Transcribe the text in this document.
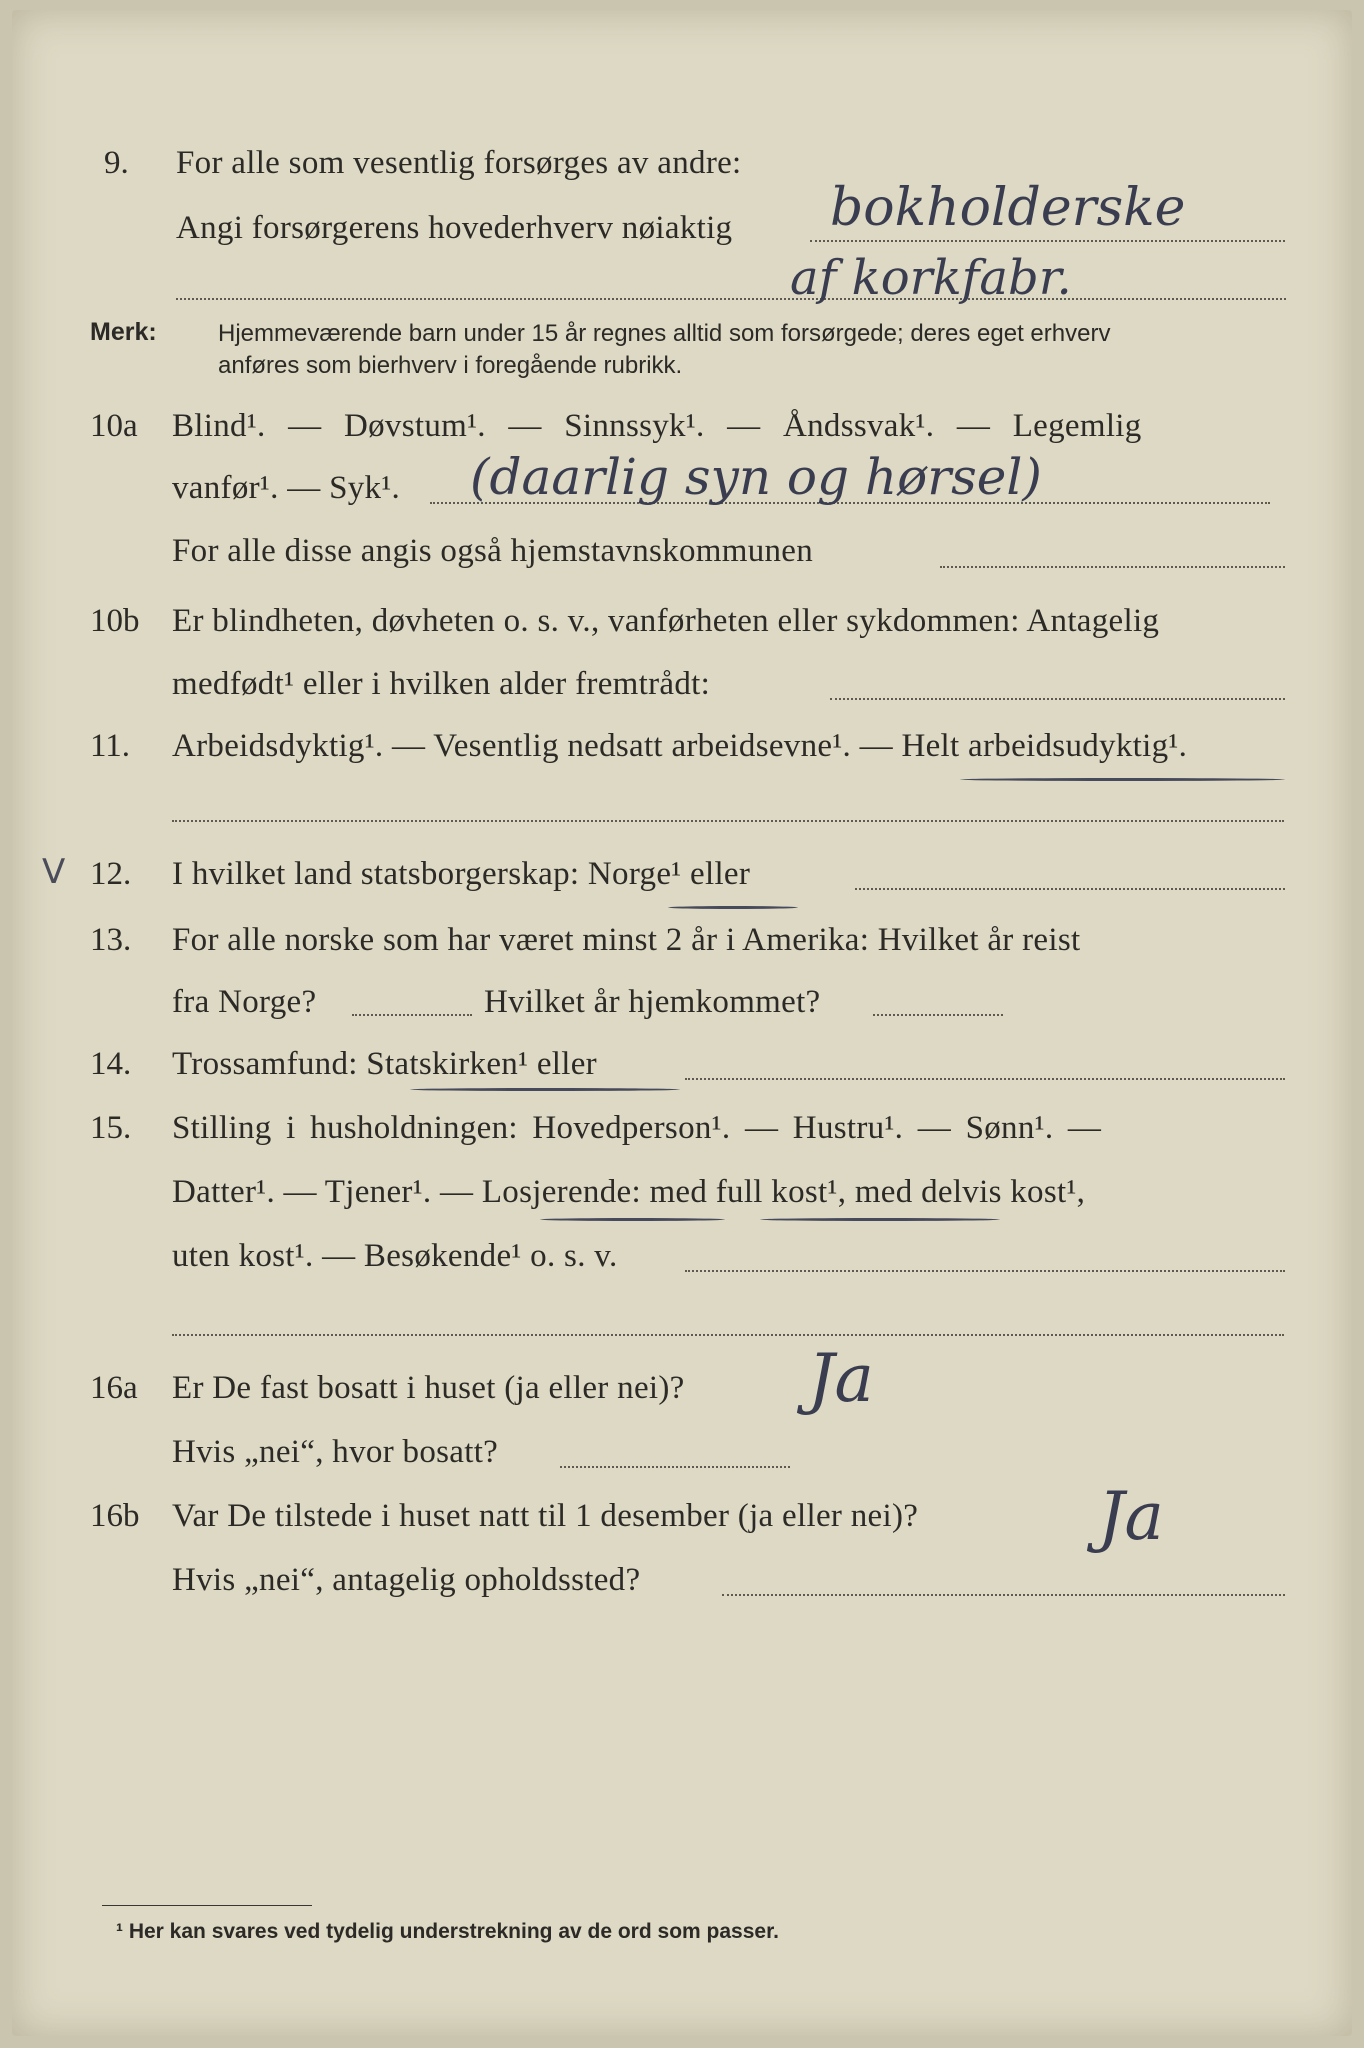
9. For alle som vesentlig forsørges av andre:
Angi forsørgerens hovederhverv nøiaktig bokholderske
af korkfabr.
Merk:	Hjemmeværende barn under 15 år regnes alltid som forsørgede; deres eget erhverv
anføres som bierhverv i foregående rubrikk.
10a Blind¹. — Døvstum¹. — Sinnssyk¹. — Åndssvak¹. — Legemlig
vanfør¹. — Syk¹. (daarlig syn og hørsel)
For alle disse angis også hjemstavnskommunen
10b Er blindheten, døvheten o. s. v., vanførheten eller sykdommen: Antagelig
medfødt¹ eller i hvilken alder fremtrådt:
11. Arbeidsdyktig¹. — Vesentlig nedsatt arbeidsevne¹. — Helt arbeidsudyktig¹.
V 12. I hvilket land statsborgerskap: Norge¹ eller
13. For alle norske som har været minst 2 år i Amerika: Hvilket år reist
fra Norge?	Hvilket år hjemkommet?
14. Trossamfund: Statskirken¹ eller
15. Stilling i husholdningen: Hovedperson¹. — Hustru¹. — Sønn¹. —
Datter¹. — Tjener¹. — Losjerende: med full kost¹, med delvis kost¹,
uten kost¹. — Besøkende¹ o. s. v.
16a Er De fast bosatt i huset (ja eller nei)? Ja
Hvis „nei“, hvor bosatt?
16b Var De tilstede i huset natt til 1 desember (ja eller nei)?	Ja
Hvis „nei“, antagelig opholdssted?
¹ Her kan svares ved tydelig understrekning av de ord som passer.
